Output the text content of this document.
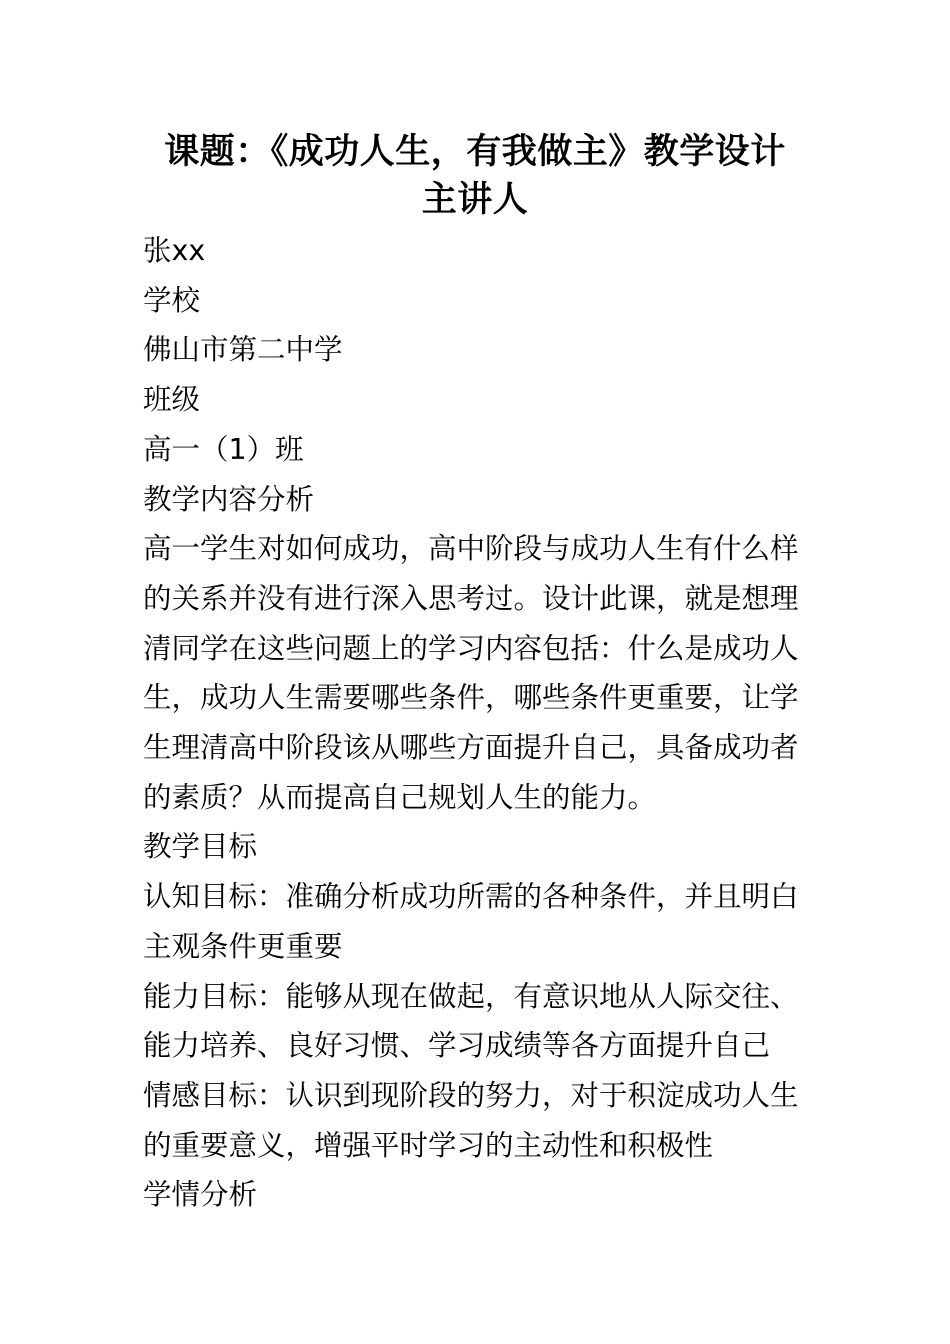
课题：《成功人生，有我做主》教学设计
主讲人
张xx
学校
佛山市第二中学
班级
高一（1）班
教学内容分析
高一学生对如何成功，高中阶段与成功人生有什么样
的关系并没有进行深入思考过。设计此课，就是想理
清同学在这些问题上的学习内容包括：什么是成功人
生，成功人生需要哪些条件，哪些条件更重要，让学
生理清高中阶段该从哪些方面提升自己，具备成功者
的素质？从而提高自己规划人生的能力。
教学目标
认知目标：准确分析成功所需的各种条件，并且明白
主观条件更重要
能力目标：能够从现在做起，有意识地从人际交往、
能力培养、良好习惯、学习成绩等各方面提升自己
情感目标：认识到现阶段的努力，对于积淀成功人生
的重要意义，增强平时学习的主动性和积极性
学情分析
